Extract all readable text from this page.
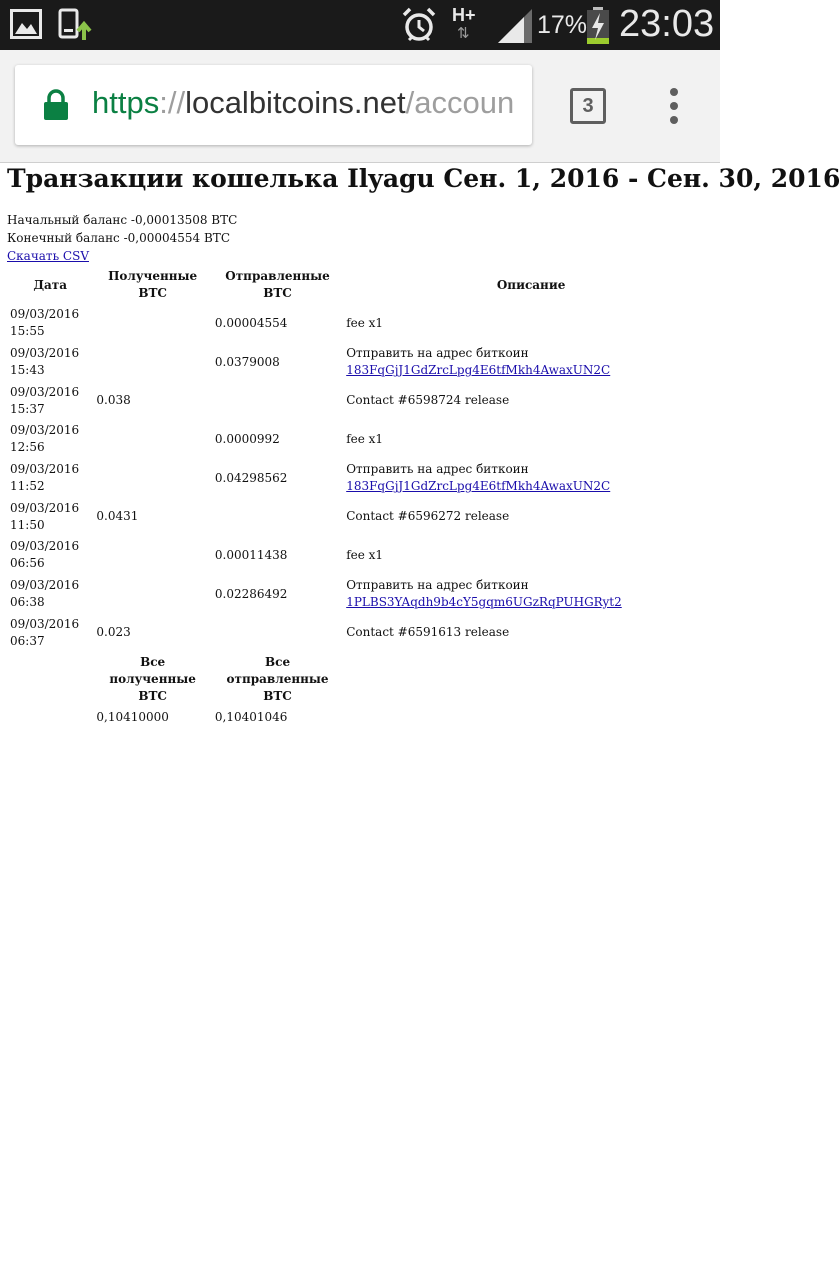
H+
⇅	17% 23:03
https://localbitcoins.net/accoun	3
Транзакции кошелька Ilyagu Сен. 1, 2016 - Сен. 30, 2016
Начальный баланс -0,00013508 BTC
Конечный баланс -0,00004554 BTC
Скачать CSV
Дата	Полученные BTC	Отправленные BTC	Описание
09/03/2016
15:55		0.00004554	fee x1
09/03/2016
15:43		0.0379008	Отправить на адрес биткоин
183FqGjJ1GdZrcLpg4E6tfMkh4AwaxUN2C
09/03/2016
15:37	0.038		Contact #6598724 release
09/03/2016
12:56		0.0000992	fee x1
09/03/2016
11:52		0.04298562	Отправить на адрес биткоин
183FqGjJ1GdZrcLpg4E6tfMkh4AwaxUN2C
09/03/2016
11:50	0.0431		Contact #6596272 release
09/03/2016
06:56		0.00011438	fee x1
09/03/2016
06:38		0.02286492	Отправить на адрес биткоин
1PLBS3YAqdh9b4cY5gqm6UGzRqPUHGRyt2
09/03/2016
06:37	0.023		Contact #6591613 release
	Все полученные
BTC	Все отправленные
BTC	
	0,10410000	0,10401046	
